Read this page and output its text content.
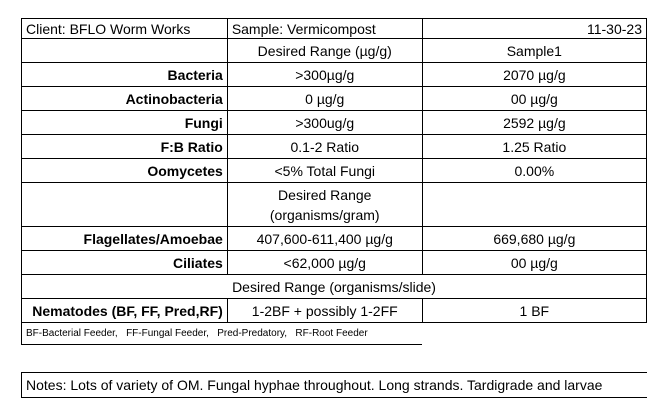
Client: BFLO Worm Works	Sample: Vermicompost	11-30-23
	Desired Range (µg/g)	Sample1
Bacteria	>300µg/g	2070 µg/g
Actinobacteria	0 µg/g	00 µg/g
Fungi	>300ug/g	2592 µg/g
F:B Ratio	0.1-2 Ratio	1.25 Ratio
Oomycetes	<5% Total Fungi	0.00%

	Desired Range
(organisms/gram)	

Flagellates/Amoebae	407,600-611,400 µg/g	669,680 µg/g
Ciliates	<62,000 µg/g	00 µg/g
Desired Range (organisms/slide)		
Nematodes (BF, FF, Pred,RF)	1-2BF + possibly 1-2FF	1 BF
BF-Bacterial Feeder, FF-Fungal Feeder, Pred-Predatory, RF-Root Feeder		
Notes: Lots of variety of OM. Fungal hyphae throughout. Long strands. Tardigrade and larvae
